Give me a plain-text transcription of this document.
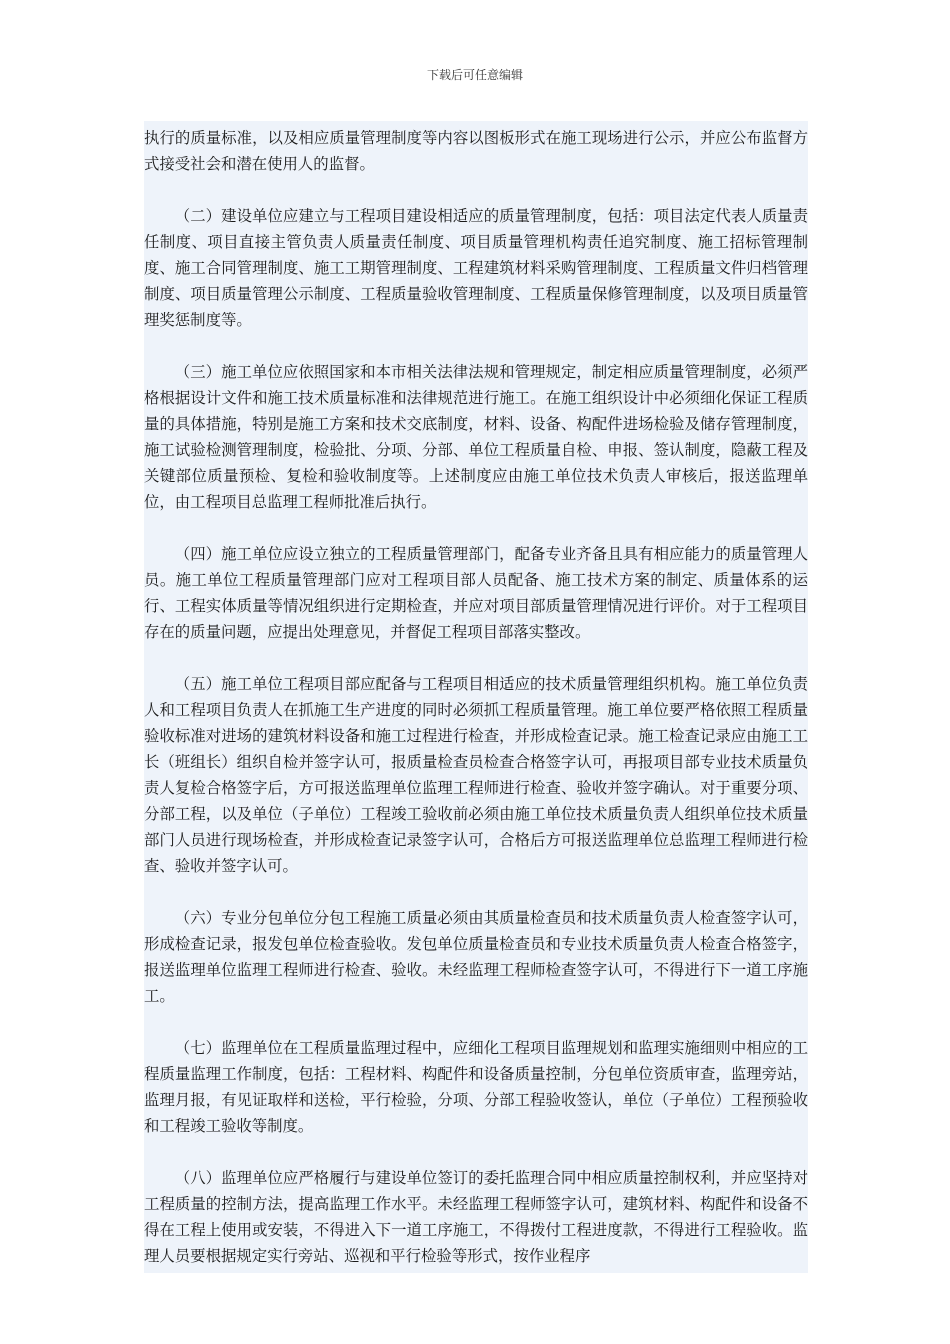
下载后可任意编辑

执行的质量标准，以及相应质量管理制度等内容以图板形式在施工现场进行公示，并应公布监督方式接受社会和潜在使用人的监督。

（二）建设单位应建立与工程项目建设相适应的质量管理制度，包括：项目法定代表人质量责任制度、项目直接主管负责人质量责任制度、项目质量管理机构责任追究制度、施工招标管理制度、施工合同管理制度、施工工期管理制度、工程建筑材料采购管理制度、工程质量文件归档管理制度、项目质量管理公示制度、工程质量验收管理制度、工程质量保修管理制度，以及项目质量管理奖惩制度等。

（三）施工单位应依照国家和本市相关法律法规和管理规定，制定相应质量管理制度，必须严格根据设计文件和施工技术质量标准和法律规范进行施工。在施工组织设计中必须细化保证工程质量的具体措施，特别是施工方案和技术交底制度，材料、设备、构配件进场检验及储存管理制度，施工试验检测管理制度，检验批、分项、分部、单位工程质量自检、申报、签认制度，隐蔽工程及关键部位质量预检、复检和验收制度等。上述制度应由施工单位技术负责人审核后，报送监理单位，由工程项目总监理工程师批准后执行。

（四）施工单位应设立独立的工程质量管理部门，配备专业齐备且具有相应能力的质量管理人员。施工单位工程质量管理部门应对工程项目部人员配备、施工技术方案的制定、质量体系的运行、工程实体质量等情况组织进行定期检查，并应对项目部质量管理情况进行评价。对于工程项目存在的质量问题，应提出处理意见，并督促工程项目部落实整改。

（五）施工单位工程项目部应配备与工程项目相适应的技术质量管理组织机构。施工单位负责人和工程项目负责人在抓施工生产进度的同时必须抓工程质量管理。施工单位要严格依照工程质量验收标准对进场的建筑材料设备和施工过程进行检查，并形成检查记录。施工检查记录应由施工工长（班组长）组织自检并签字认可，报质量检查员检查合格签字认可，再报项目部专业技术质量负责人复检合格签字后，方可报送监理单位监理工程师进行检查、验收并签字确认。对于重要分项、分部工程，以及单位（子单位）工程竣工验收前必须由施工单位技术质量负责人组织单位技术质量部门人员进行现场检查，并形成检查记录签字认可，合格后方可报送监理单位总监理工程师进行检查、验收并签字认可。

（六）专业分包单位分包工程施工质量必须由其质量检查员和技术质量负责人检查签字认可，形成检查记录，报发包单位检查验收。发包单位质量检查员和专业技术质量负责人检查合格签字，报送监理单位监理工程师进行检查、验收。未经监理工程师检查签字认可，不得进行下一道工序施工。

（七）监理单位在工程质量监理过程中，应细化工程项目监理规划和监理实施细则中相应的工程质量监理工作制度，包括：工程材料、构配件和设备质量控制，分包单位资质审查，监理旁站，监理月报，有见证取样和送检，平行检验，分项、分部工程验收签认，单位（子单位）工程预验收和工程竣工验收等制度。

（八）监理单位应严格履行与建设单位签订的委托监理合同中相应质量控制权利，并应坚持对工程质量的控制方法，提高监理工作水平。未经监理工程师签字认可，建筑材料、构配件和设备不得在工程上使用或安装，不得进入下一道工序施工，不得拨付工程进度款，不得进行工程验收。监理人员要根据规定实行旁站、巡视和平行检验等形式，按作业程序
